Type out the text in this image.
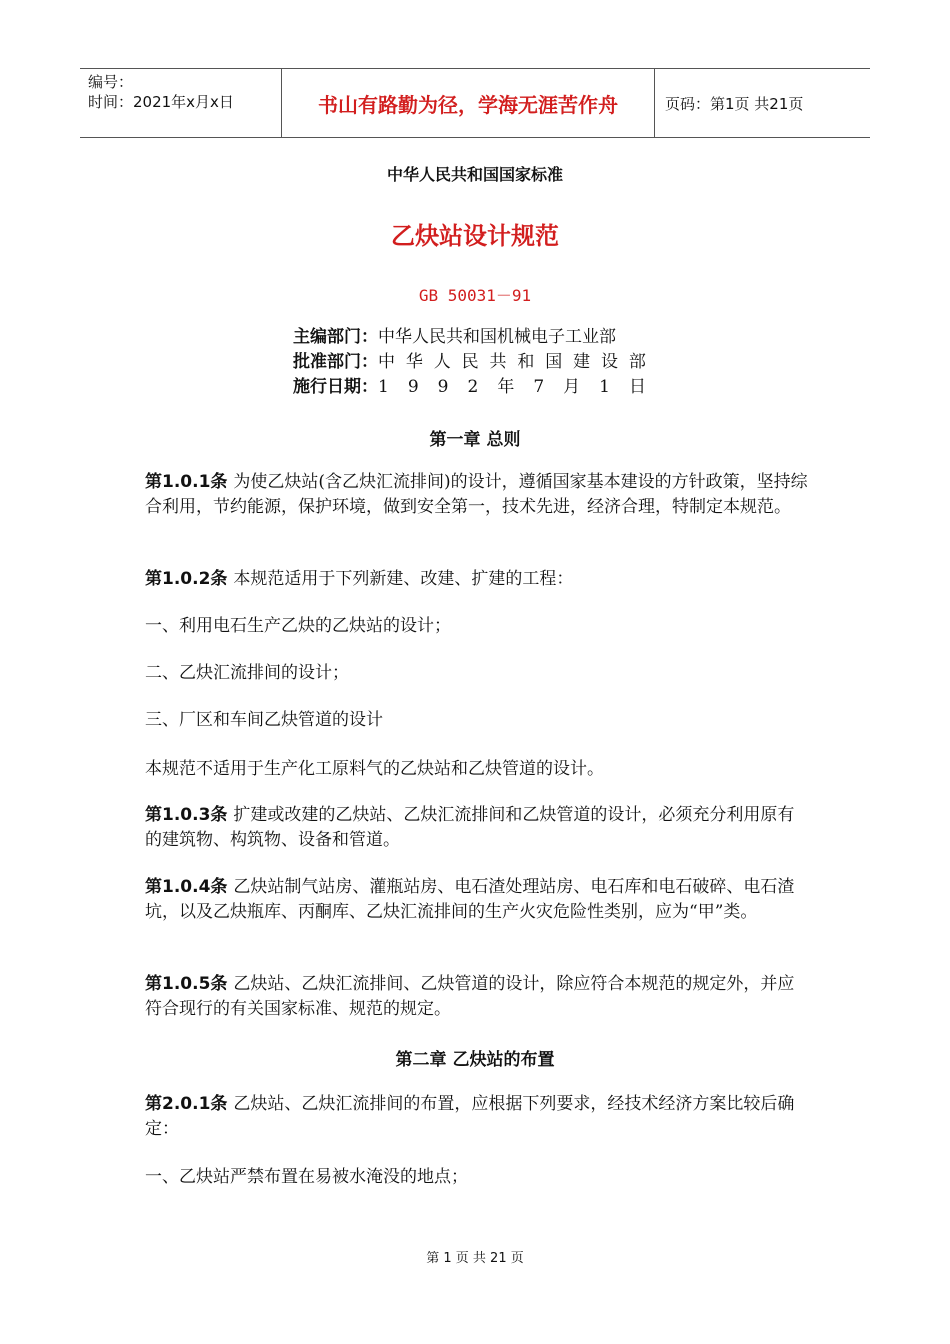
编号：
时间：2021年x月x日	书山有路勤为径，学海无涯苦作舟	页码：第1页 共21页
中华人民共和国国家标准
乙炔站设计规范
GB 50031－91
主编部门： 中华人民共和国机械电子工业部
批准部门： 中 华 人 民 共 和 国 建 设 部
施行日期： 1 9 9 2 年 7 月 1 日
第一章 总则
第1.0.1条 为使乙炔站(含乙炔汇流排间)的设计，遵循国家基本建设的方针政策，坚持综合利用，节约能源，保护环境，做到安全第一，技术先进，经济合理，特制定本规范。
第1.0.2条 本规范适用于下列新建、改建、扩建的工程：
一、利用电石生产乙炔的乙炔站的设计；
二、乙炔汇流排间的设计；
三、厂区和车间乙炔管道的设计
本规范不适用于生产化工原料气的乙炔站和乙炔管道的设计。
第1.0.3条 扩建或改建的乙炔站、乙炔汇流排间和乙炔管道的设计，必须充分利用原有的建筑物、构筑物、设备和管道。
第1.0.4条 乙炔站制气站房、灌瓶站房、电石渣处理站房、电石库和电石破碎、电石渣坑，以及乙炔瓶库、丙酮库、乙炔汇流排间的生产火灾危险性类别，应为“甲”类。
第1.0.5条 乙炔站、乙炔汇流排间、乙炔管道的设计，除应符合本规范的规定外，并应符合现行的有关国家标准、规范的规定。
第二章 乙炔站的布置
第2.0.1条 乙炔站、乙炔汇流排间的布置，应根据下列要求，经技术经济方案比较后确定：
一、乙炔站严禁布置在易被水淹没的地点；
第 1 页 共 21 页
